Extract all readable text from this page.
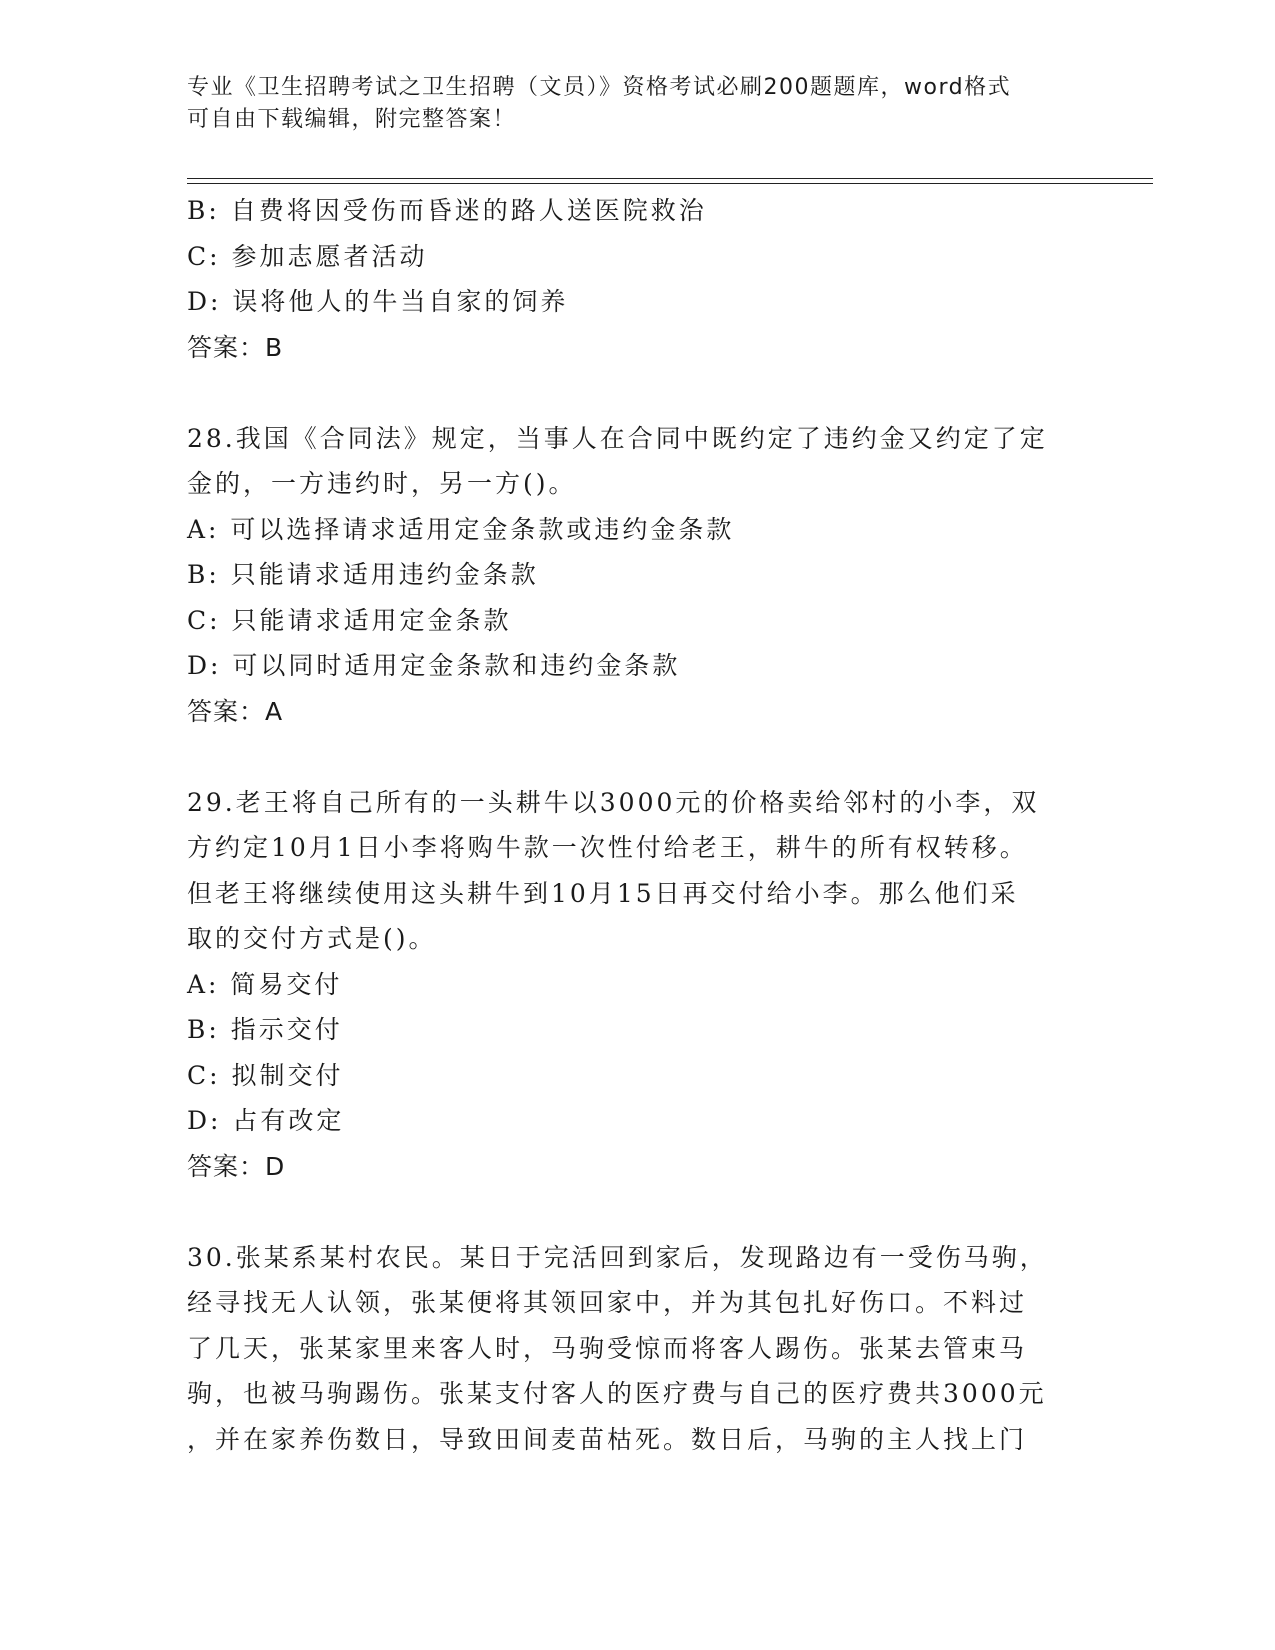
专业《卫生招聘考试之卫生招聘（文员）》资格考试必刷200题题库，word格式
可自由下载编辑，附完整答案！
B: 自费将因受伤而昏迷的路人送医院救治
C: 参加志愿者活动
D: 误将他人的牛当自家的饲养
答案：B
28.我国《合同法》规定，当事人在合同中既约定了违约金又约定了定
金的，一方违约时，另一方()。
A: 可以选择请求适用定金条款或违约金条款
B: 只能请求适用违约金条款
C: 只能请求适用定金条款
D: 可以同时适用定金条款和违约金条款
答案：A
29.老王将自己所有的一头耕牛以3000元的价格卖给邻村的小李，双
方约定10月1日小李将购牛款一次性付给老王，耕牛的所有权转移。
但老王将继续使用这头耕牛到10月15日再交付给小李。那么他们采
取的交付方式是()。
A: 简易交付
B: 指示交付
C: 拟制交付
D: 占有改定
答案：D
30.张某系某村农民。某日于完活回到家后，发现路边有一受伤马驹，
经寻找无人认领，张某便将其领回家中，并为其包扎好伤口。不料过
了几天，张某家里来客人时，马驹受惊而将客人踢伤。张某去管束马
驹，也被马驹踢伤。张某支付客人的医疗费与自己的医疗费共3000元
，并在家养伤数日，导致田间麦苗枯死。数日后，马驹的主人找上门
